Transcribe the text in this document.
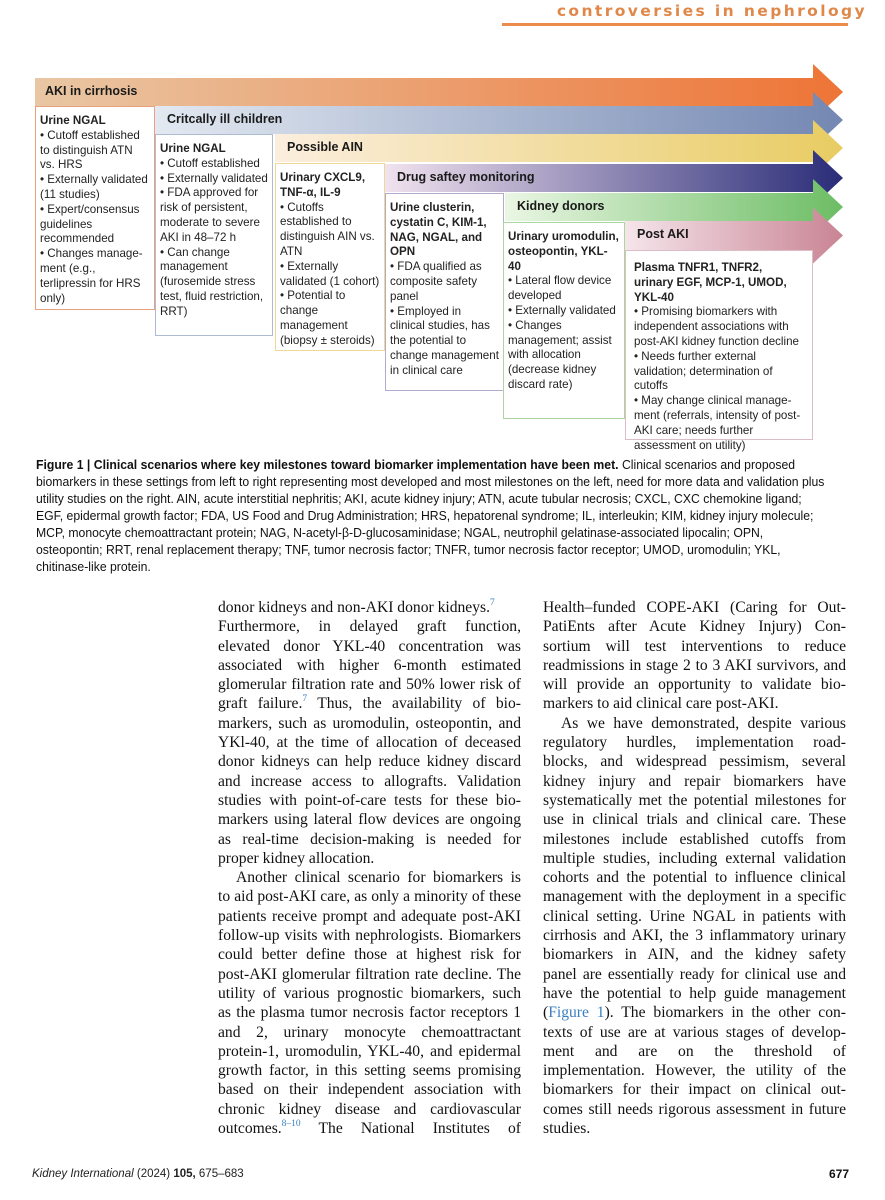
controversies in nephrology
AKI in cirrhosis
Urine NGAL
• Cutoff established to distinguish ATN vs. HRS
• Externally validated (11 studies)
• Expert/consensus guidelines recommended
• Changes manage-ment (e.g., terlipressin for HRS only)
Critcally ill children
Urine NGAL
• Cutoff established
• Externally validated
• FDA approved for risk of persistent, moderate to severe AKI in 48–72 h
• Can change management (furosemide stress test, fluid restriction, RRT)
Possible AIN
Urinary CXCL9, TNF-α, IL-9
• Cutoffs established to distinguish AIN vs. ATN
• Externally validated (1 cohort)
• Potential to change management (biopsy ± steroids)
Drug saftey monitoring
Urine clusterin, cystatin C, KIM-1, NAG, NGAL, and OPN
• FDA qualified as composite safety panel
• Employed in clinical studies, has the potential to change management in clinical care
Kidney donors
Urinary uromodulin, osteopontin, YKL-40
• Lateral flow device developed
• Externally validated
• Changes management; assist with allocation (decrease kidney discard rate)
Post AKI
Plasma TNFR1, TNFR2, urinary EGF, MCP-1, UMOD, YKL-40
• Promising biomarkers with independent associations with post-AKI kidney function decline
• Needs further external validation; determination of cutoffs
• May change clinical manage-ment (referrals, intensity of post-AKI care; needs further assessment on utility)
Figure 1 | Clinical scenarios where key milestones toward biomarker implementation have been met. Clinical scenarios and proposed biomarkers in these settings from left to right representing most developed and most milestones on the left, need for more data and validation plus utility studies on the right. AIN, acute interstitial nephritis; AKI, acute kidney injury; ATN, acute tubular necrosis; CXCL, CXC chemokine ligand; EGF, epidermal growth factor; FDA, US Food and Drug Administration; HRS, hepatorenal syndrome; IL, interleukin; KIM, kidney injury molecule; MCP, monocyte chemoattractant protein; NAG, N-acetyl-β-D-glucosaminidase; NGAL, neutrophil gelatinase-associated lipocalin; OPN, osteopontin; RRT, renal replacement therapy; TNF, tumor necrosis factor; TNFR, tumor necrosis factor receptor; UMOD, uromodulin; YKL, chitinase-like protein.
donor kidneys and non-AKI donor kidneys.$^7$
Furthermore, in delayed graft function,
elevated donor YKL-40 concentration was
associated with higher 6-month estimated
glomerular filtration rate and 50% lower risk of
graft failure.$^7$ Thus, the availability of bio-
markers, such as uromodulin, osteopontin, and
YKl-40, at the time of allocation of deceased
donor kidneys can help reduce kidney discard
and increase access to allografts. Validation
studies with point-of-care tests for these bio-
markers using lateral flow devices are ongoing
as real-time decision-making is needed for
proper kidney allocation.
Another clinical scenario for biomarkers is
to aid post-AKI care, as only a minority of these
patients receive prompt and adequate post-AKI
follow-up visits with nephrologists. Biomarkers
could better define those at highest risk for
post-AKI glomerular filtration rate decline. The
utility of various prognostic biomarkers, such
as the plasma tumor necrosis factor receptors 1
and 2, urinary monocyte chemoattractant
protein-1, uromodulin, YKL-40, and epidermal
growth factor, in this setting seems promising
based on their independent association with
chronic kidney disease and cardiovascular
outcomes.$^{8-10}$ The National Institutes of
Health–funded COPE-AKI (Caring for Out-
PatiEnts after Acute Kidney Injury) Con-
sortium will test interventions to reduce
readmissions in stage 2 to 3 AKI survivors, and
will provide an opportunity to validate bio-
markers to aid clinical care post-AKI.
As we have demonstrated, despite various
regulatory hurdles, implementation road-
blocks, and widespread pessimism, several
kidney injury and repair biomarkers have
systematically met the potential milestones for
use in clinical trials and clinical care. These
milestones include established cutoffs from
multiple studies, including external validation
cohorts and the potential to influence clinical
management with the deployment in a specific
clinical setting. Urine NGAL in patients with
cirrhosis and AKI, the 3 inflammatory urinary
biomarkers in AIN, and the kidney safety
panel are essentially ready for clinical use and
have the potential to help guide management
(Figure 1). The biomarkers in the other con-
texts of use are at various stages of develop-
ment and are on the threshold of
implementation. However, the utility of the
biomarkers for their impact on clinical out-
comes still needs rigorous assessment in future
studies.
Kidney International (2024) 105, 675–683	677
